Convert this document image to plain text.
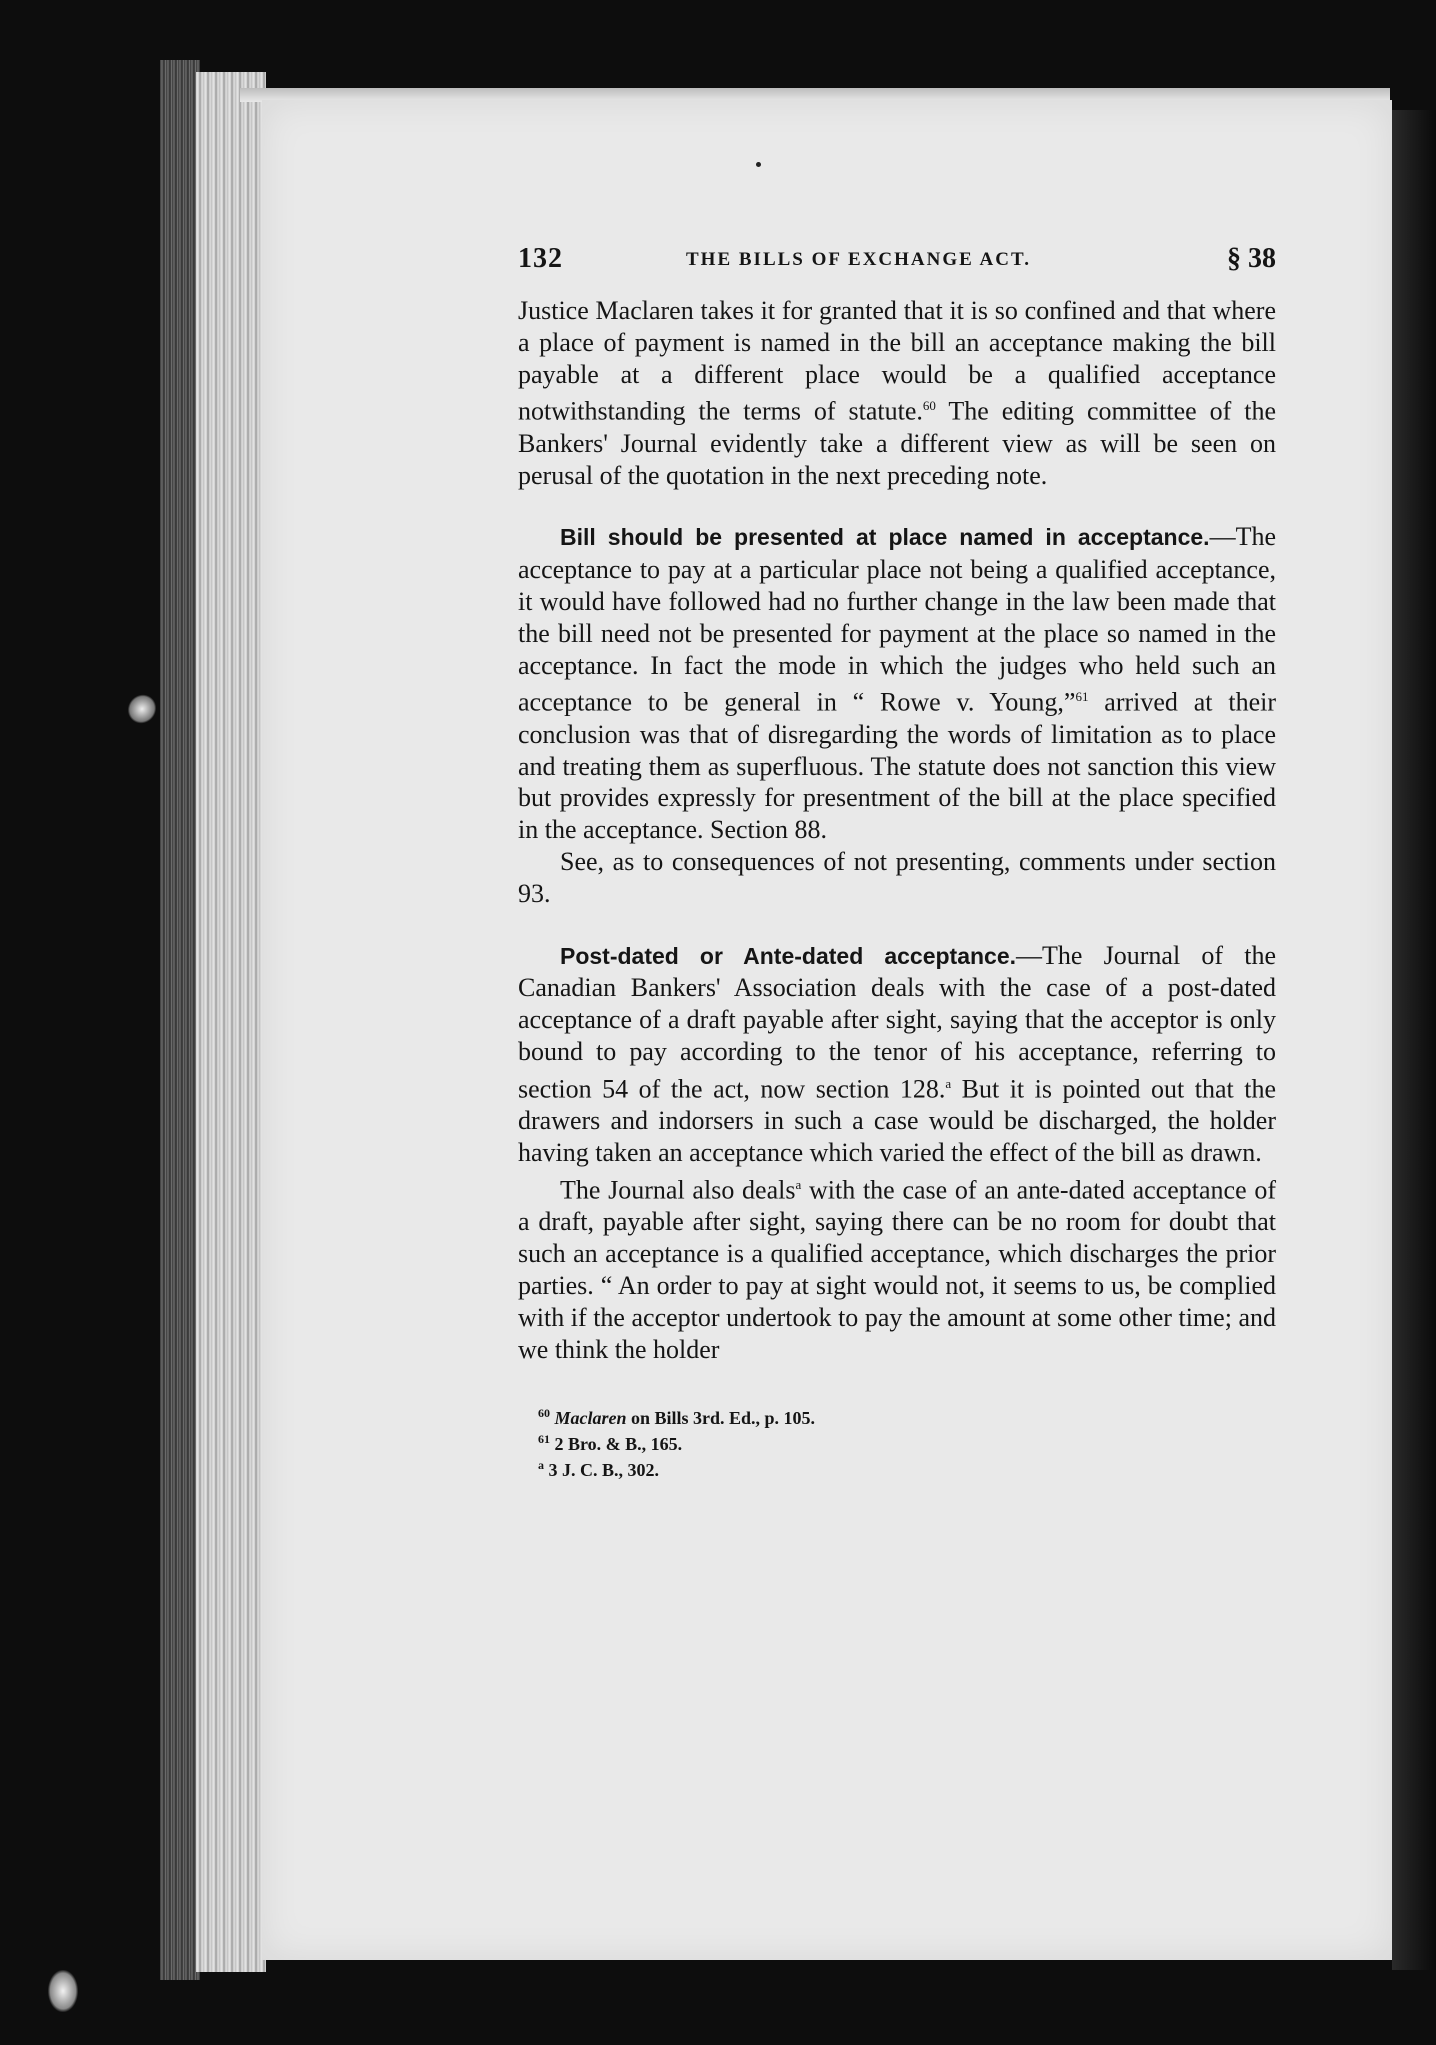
132	THE BILLS OF EXCHANGE ACT.	§ 38

Justice Maclaren takes it for granted that it is so confined and that where a place of payment is named in the bill an acceptance making the bill payable at a different place would be a qualified acceptance notwithstanding the terms of statute.$^{60}$ The editing committee of the Bankers' Journal evidently take a different view as will be seen on perusal of the quotation in the next preceding note.

Bill should be presented at place named in acceptance.—The acceptance to pay at a particular place not being a qualified acceptance, it would have followed had no further change in the law been made that the bill need not be presented for payment at the place so named in the acceptance. In fact the mode in which the judges who held such an acceptance to be general in “ Rowe v. Young,”$^{61}$ arrived at their conclusion was that of disregarding the words of limitation as to place and treating them as superfluous. The statute does not sanction this view but provides expressly for presentment of the bill at the place specified in the acceptance. Section 88.

See, as to consequences of not presenting, comments under section 93.

Post-dated or Ante-dated acceptance.—The Journal of the Canadian Bankers' Association deals with the case of a post-dated acceptance of a draft payable after sight, saying that the acceptor is only bound to pay according to the tenor of his acceptance, referring to section 54 of the act, now section 128.$^a$ But it is pointed out that the drawers and indorsers in such a case would be discharged, the holder having taken an acceptance which varied the effect of the bill as drawn.

The Journal also deals$^a$ with the case of an ante-dated acceptance of a draft, payable after sight, saying there can be no room for doubt that such an acceptance is a qualified acceptance, which discharges the prior parties. “ An order to pay at sight would not, it seems to us, be complied with if the acceptor undertook to pay the amount at some other time; and we think the holder

$^{60}$ Maclaren on Bills 3rd. Ed., p. 105.
$^{61}$ 2 Bro. & B., 165.
$^a$ 3 J. C. B., 302.
